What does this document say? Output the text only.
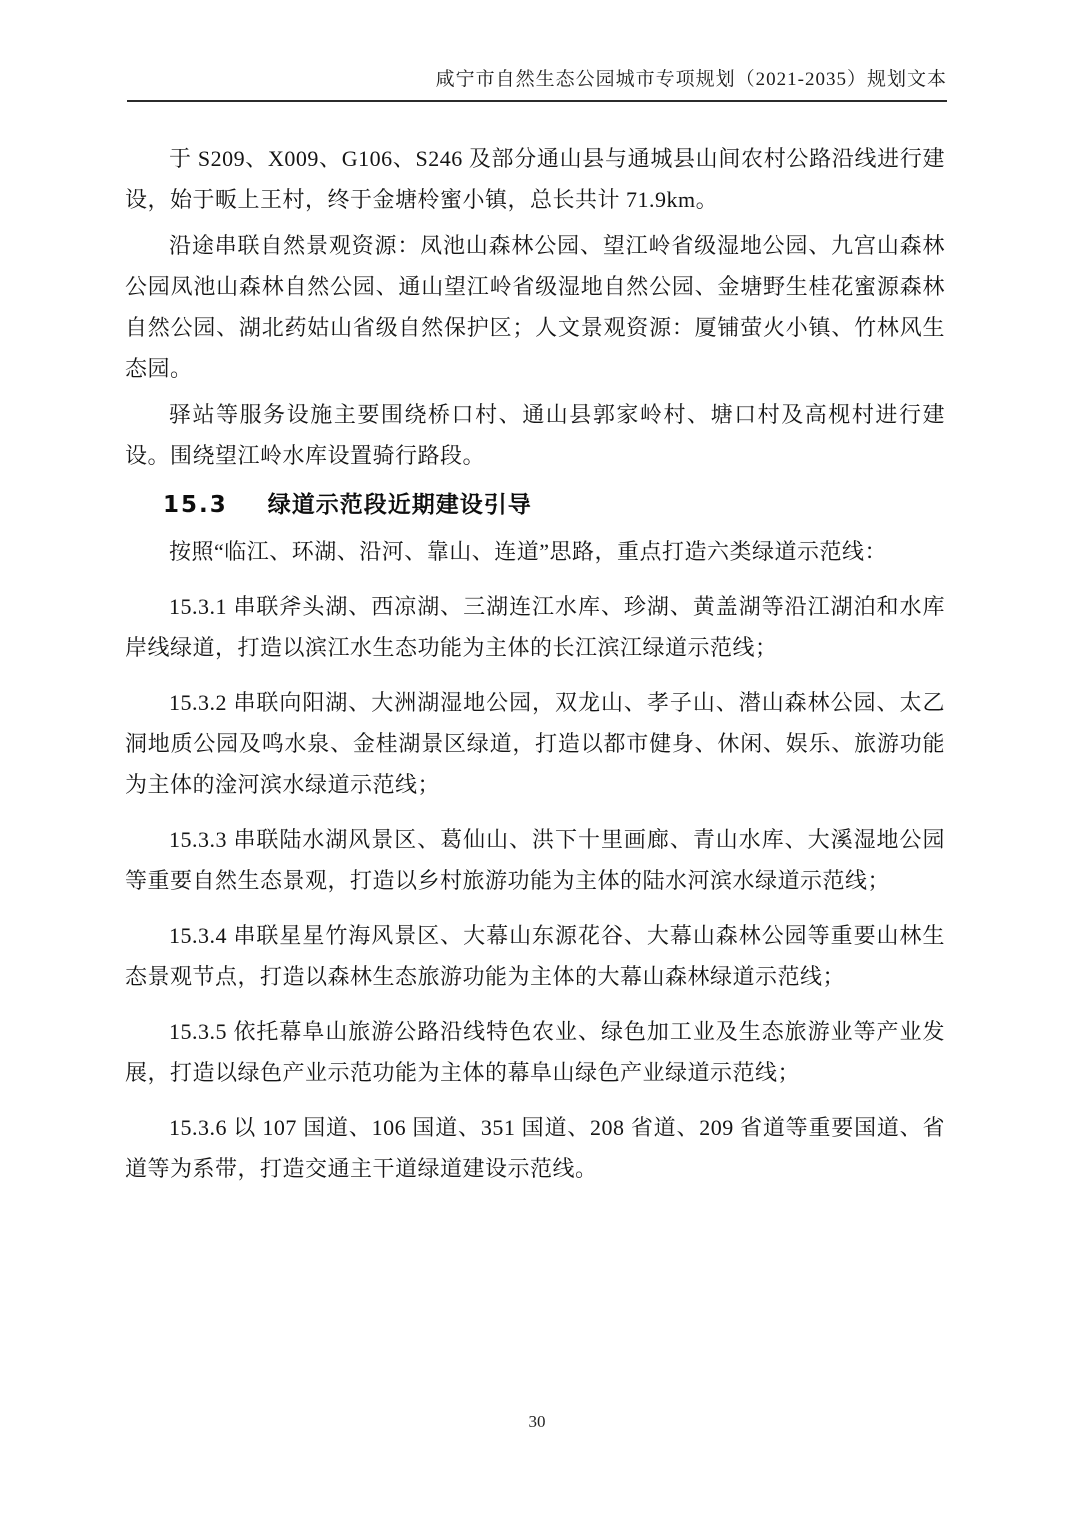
咸宁市自然生态公园城市专项规划（2021-2035）规划文本

于 S209、X009、G106、S246 及部分通山县与通城县山间农村公路沿线进行建设，始于畈上王村，终于金塘柃蜜小镇，总长共计 71.9km。

沿途串联自然景观资源：凤池山森林公园、望江岭省级湿地公园、九宫山森林公园凤池山森林自然公园、通山望江岭省级湿地自然公园、金塘野生桂花蜜源森林自然公园、湖北药姑山省级自然保护区；人文景观资源：厦铺萤火小镇、竹林风生态园。

驿站等服务设施主要围绕桥口村、通山县郭家岭村、塘口村及高枧村进行建设。围绕望江岭水库设置骑行路段。

15.3 绿道示范段近期建设引导

按照“临江、环湖、沿河、靠山、连道”思路，重点打造六类绿道示范线：

15.3.1 串联斧头湖、西凉湖、三湖连江水库、珍湖、黄盖湖等沿江湖泊和水库岸线绿道，打造以滨江水生态功能为主体的长江滨江绿道示范线；

15.3.2 串联向阳湖、大洲湖湿地公园，双龙山、孝子山、潜山森林公园、太乙洞地质公园及鸣水泉、金桂湖景区绿道，打造以都市健身、休闲、娱乐、旅游功能为主体的淦河滨水绿道示范线；

15.3.3 串联陆水湖风景区、葛仙山、洪下十里画廊、青山水库、大溪湿地公园等重要自然生态景观，打造以乡村旅游功能为主体的陆水河滨水绿道示范线；

15.3.4 串联星星竹海风景区、大幕山东源花谷、大幕山森林公园等重要山林生态景观节点，打造以森林生态旅游功能为主体的大幕山森林绿道示范线；

15.3.5 依托幕阜山旅游公路沿线特色农业、绿色加工业及生态旅游业等产业发展，打造以绿色产业示范功能为主体的幕阜山绿色产业绿道示范线；

15.3.6 以 107 国道、106 国道、351 国道、208 省道、209 省道等重要国道、省道等为系带，打造交通主干道绿道建设示范线。

30
